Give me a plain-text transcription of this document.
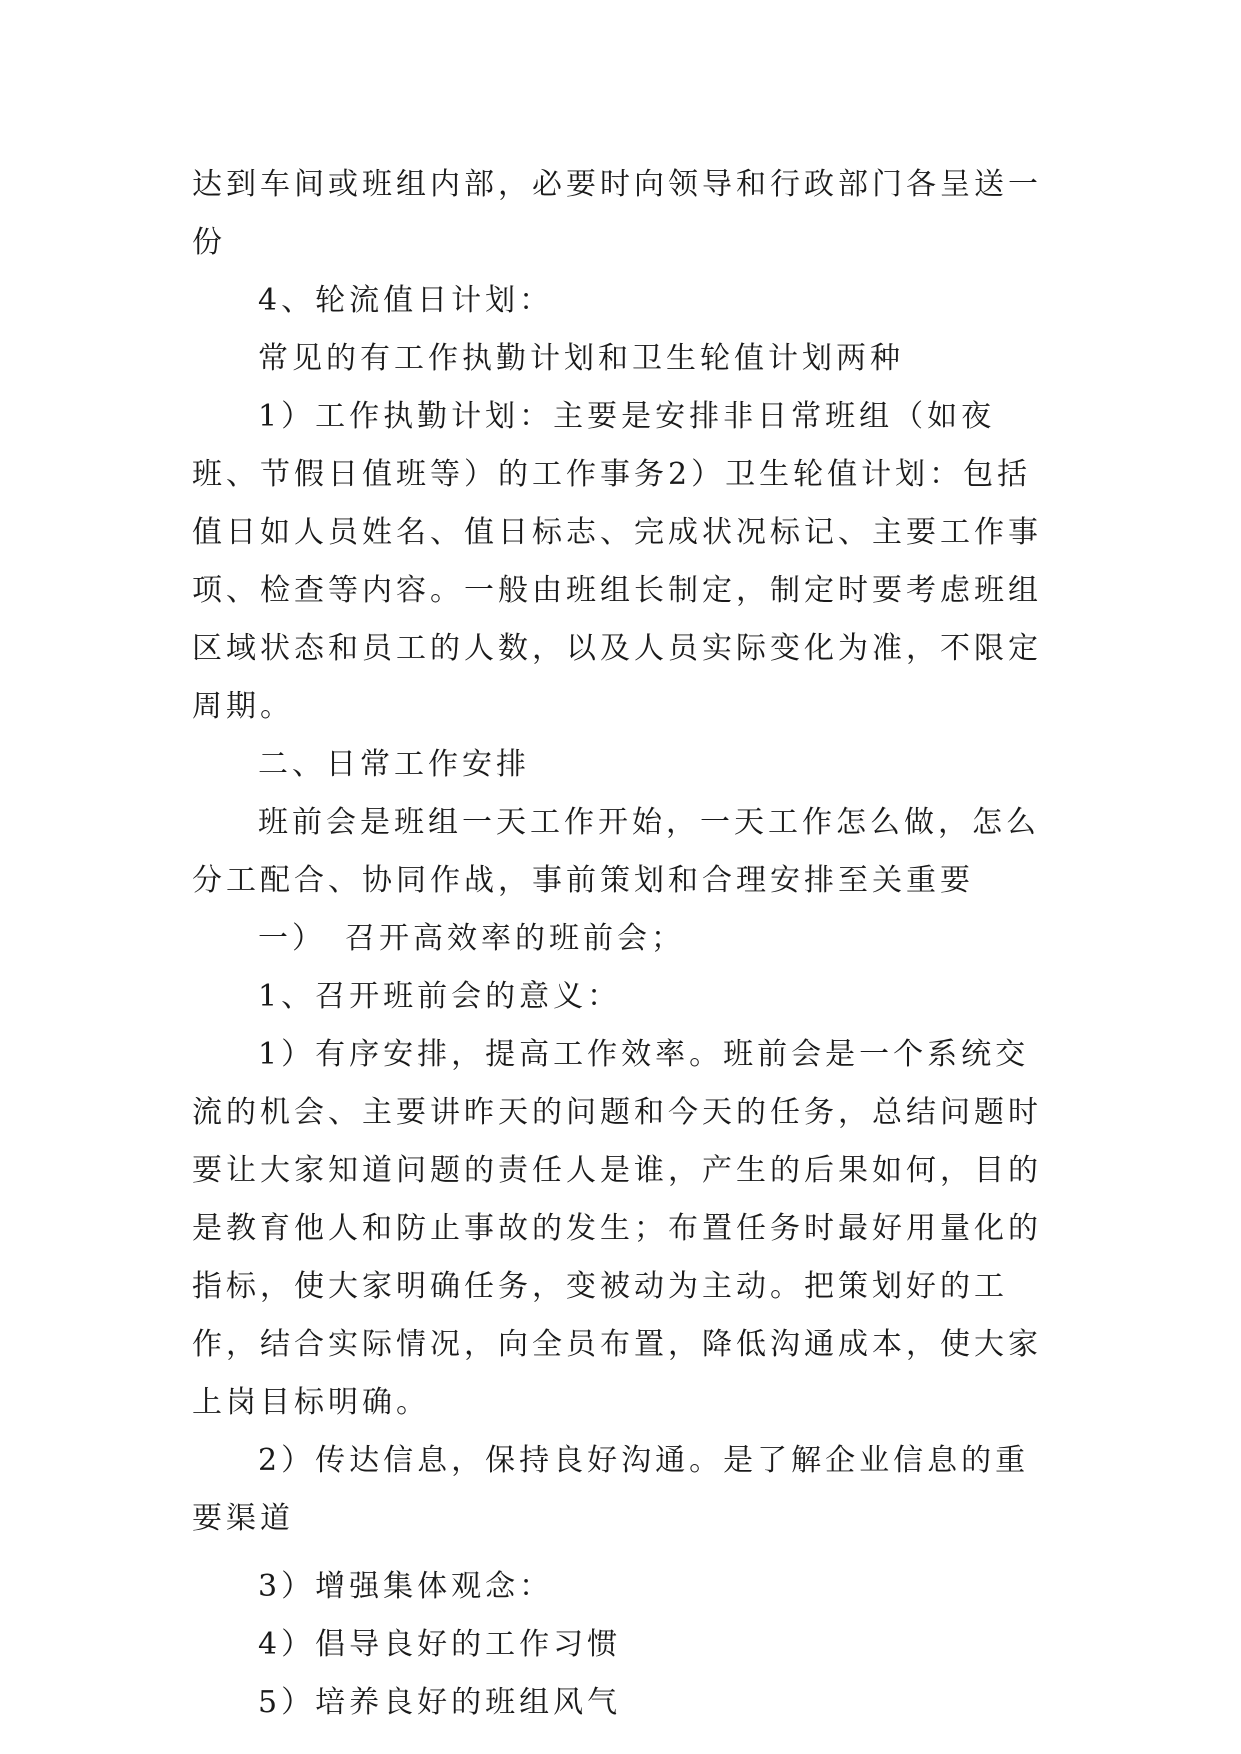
达到车间或班组内部，必要时向领导和行政部门各呈送一份

4、轮流值日计划：

常见的有工作执勤计划和卫生轮值计划两种

1）工作执勤计划：主要是安排非日常班组（如夜班、节假日值班等）的工作事务2）卫生轮值计划：包括值日如人员姓名、值日标志、完成状况标记、主要工作事项、检查等内容。一般由班组长制定，制定时要考虑班组区域状态和员工的人数，以及人员实际变化为准，不限定周期。

二、日常工作安排

班前会是班组一天工作开始，一天工作怎么做，怎么分工配合、协同作战，事前策划和合理安排至关重要

一）　召开高效率的班前会；

1、召开班前会的意义：

1）有序安排，提高工作效率。班前会是一个系统交流的机会、主要讲昨天的问题和今天的任务，总结问题时要让大家知道问题的责任人是谁，产生的后果如何，目的是教育他人和防止事故的发生；布置任务时最好用量化的指标，使大家明确任务，变被动为主动。把策划好的工作，结合实际情况，向全员布置，降低沟通成本，使大家上岗目标明确。

2）传达信息，保持良好沟通。是了解企业信息的重要渠道

3）增强集体观念：

4）倡导良好的工作习惯

5）培养良好的班组风气
